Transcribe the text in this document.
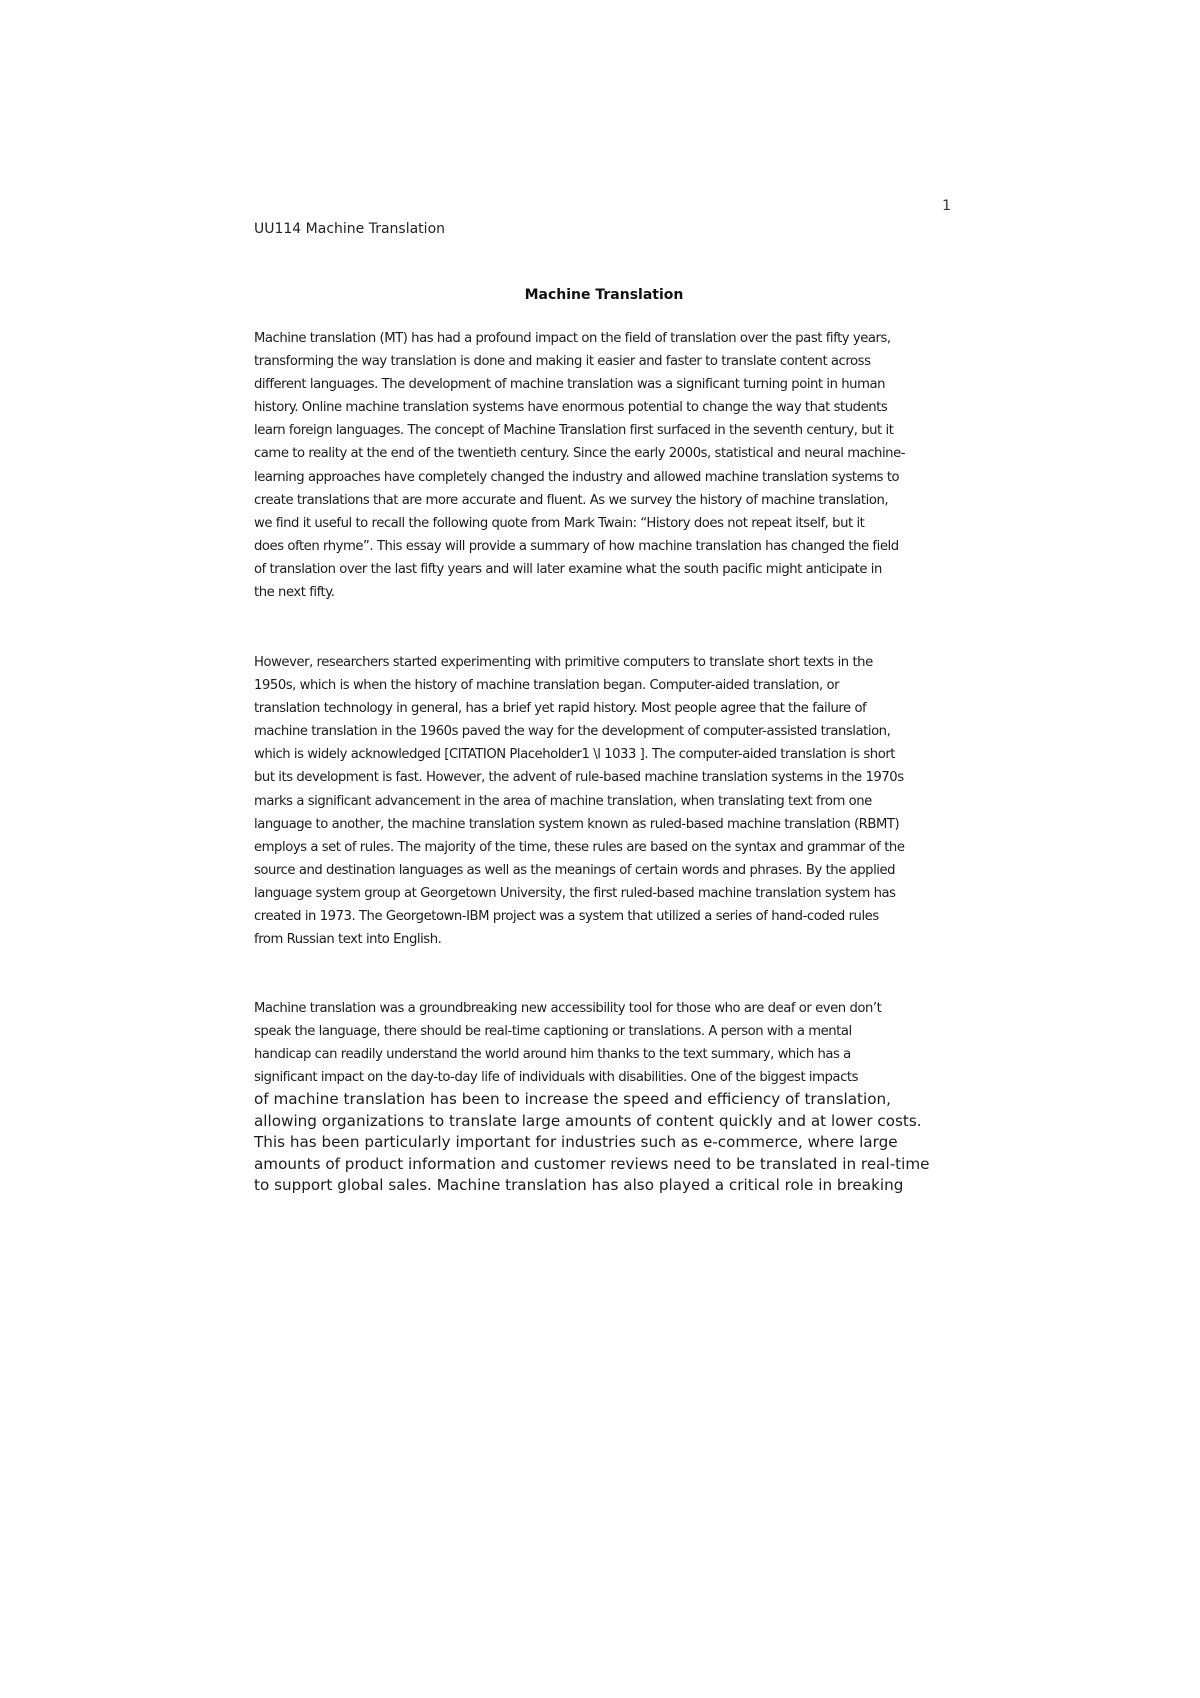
1
UU114 Machine Translation
Machine Translation
Machine translation (MT) has had a profound impact on the field of translation over the past fifty years,
transforming the way translation is done and making it easier and faster to translate content across
different languages. The development of machine translation was a significant turning point in human
history. Online machine translation systems have enormous potential to change the way that students
learn foreign languages. The concept of Machine Translation first surfaced in the seventh century, but it
came to reality at the end of the twentieth century. Since the early 2000s, statistical and neural machine-
learning approaches have completely changed the industry and allowed machine translation systems to
create translations that are more accurate and fluent. As we survey the history of machine translation,
we find it useful to recall the following quote from Mark Twain: “History does not repeat itself, but it
does often rhyme”. This essay will provide a summary of how machine translation has changed the field
of translation over the last fifty years and will later examine what the south pacific might anticipate in
the next fifty.
However, researchers started experimenting with primitive computers to translate short texts in the
1950s, which is when the history of machine translation began. Computer-aided translation, or
translation technology in general, has a brief yet rapid history. Most people agree that the failure of
machine translation in the 1960s paved the way for the development of computer-assisted translation,
which is widely acknowledged [CITATION Placeholder1 \l 1033 ]. The computer-aided translation is short
but its development is fast. However, the advent of rule-based machine translation systems in the 1970s
marks a significant advancement in the area of machine translation, when translating text from one
language to another, the machine translation system known as ruled-based machine translation (RBMT)
employs a set of rules. The majority of the time, these rules are based on the syntax and grammar of the
source and destination languages as well as the meanings of certain words and phrases. By the applied
language system group at Georgetown University, the first ruled-based machine translation system has
created in 1973. The Georgetown-IBM project was a system that utilized a series of hand-coded rules
from Russian text into English.
Machine translation was a groundbreaking new accessibility tool for those who are deaf or even don’t
speak the language, there should be real-time captioning or translations. A person with a mental
handicap can readily understand the world around him thanks to the text summary, which has a
significant impact on the day-to-day life of individuals with disabilities. One of the biggest impacts
of machine translation has been to increase the speed and efficiency of translation,
allowing organizations to translate large amounts of content quickly and at lower costs.
This has been particularly important for industries such as e-commerce, where large
amounts of product information and customer reviews need to be translated in real-time
to support global sales. Machine translation has also played a critical role in breaking
